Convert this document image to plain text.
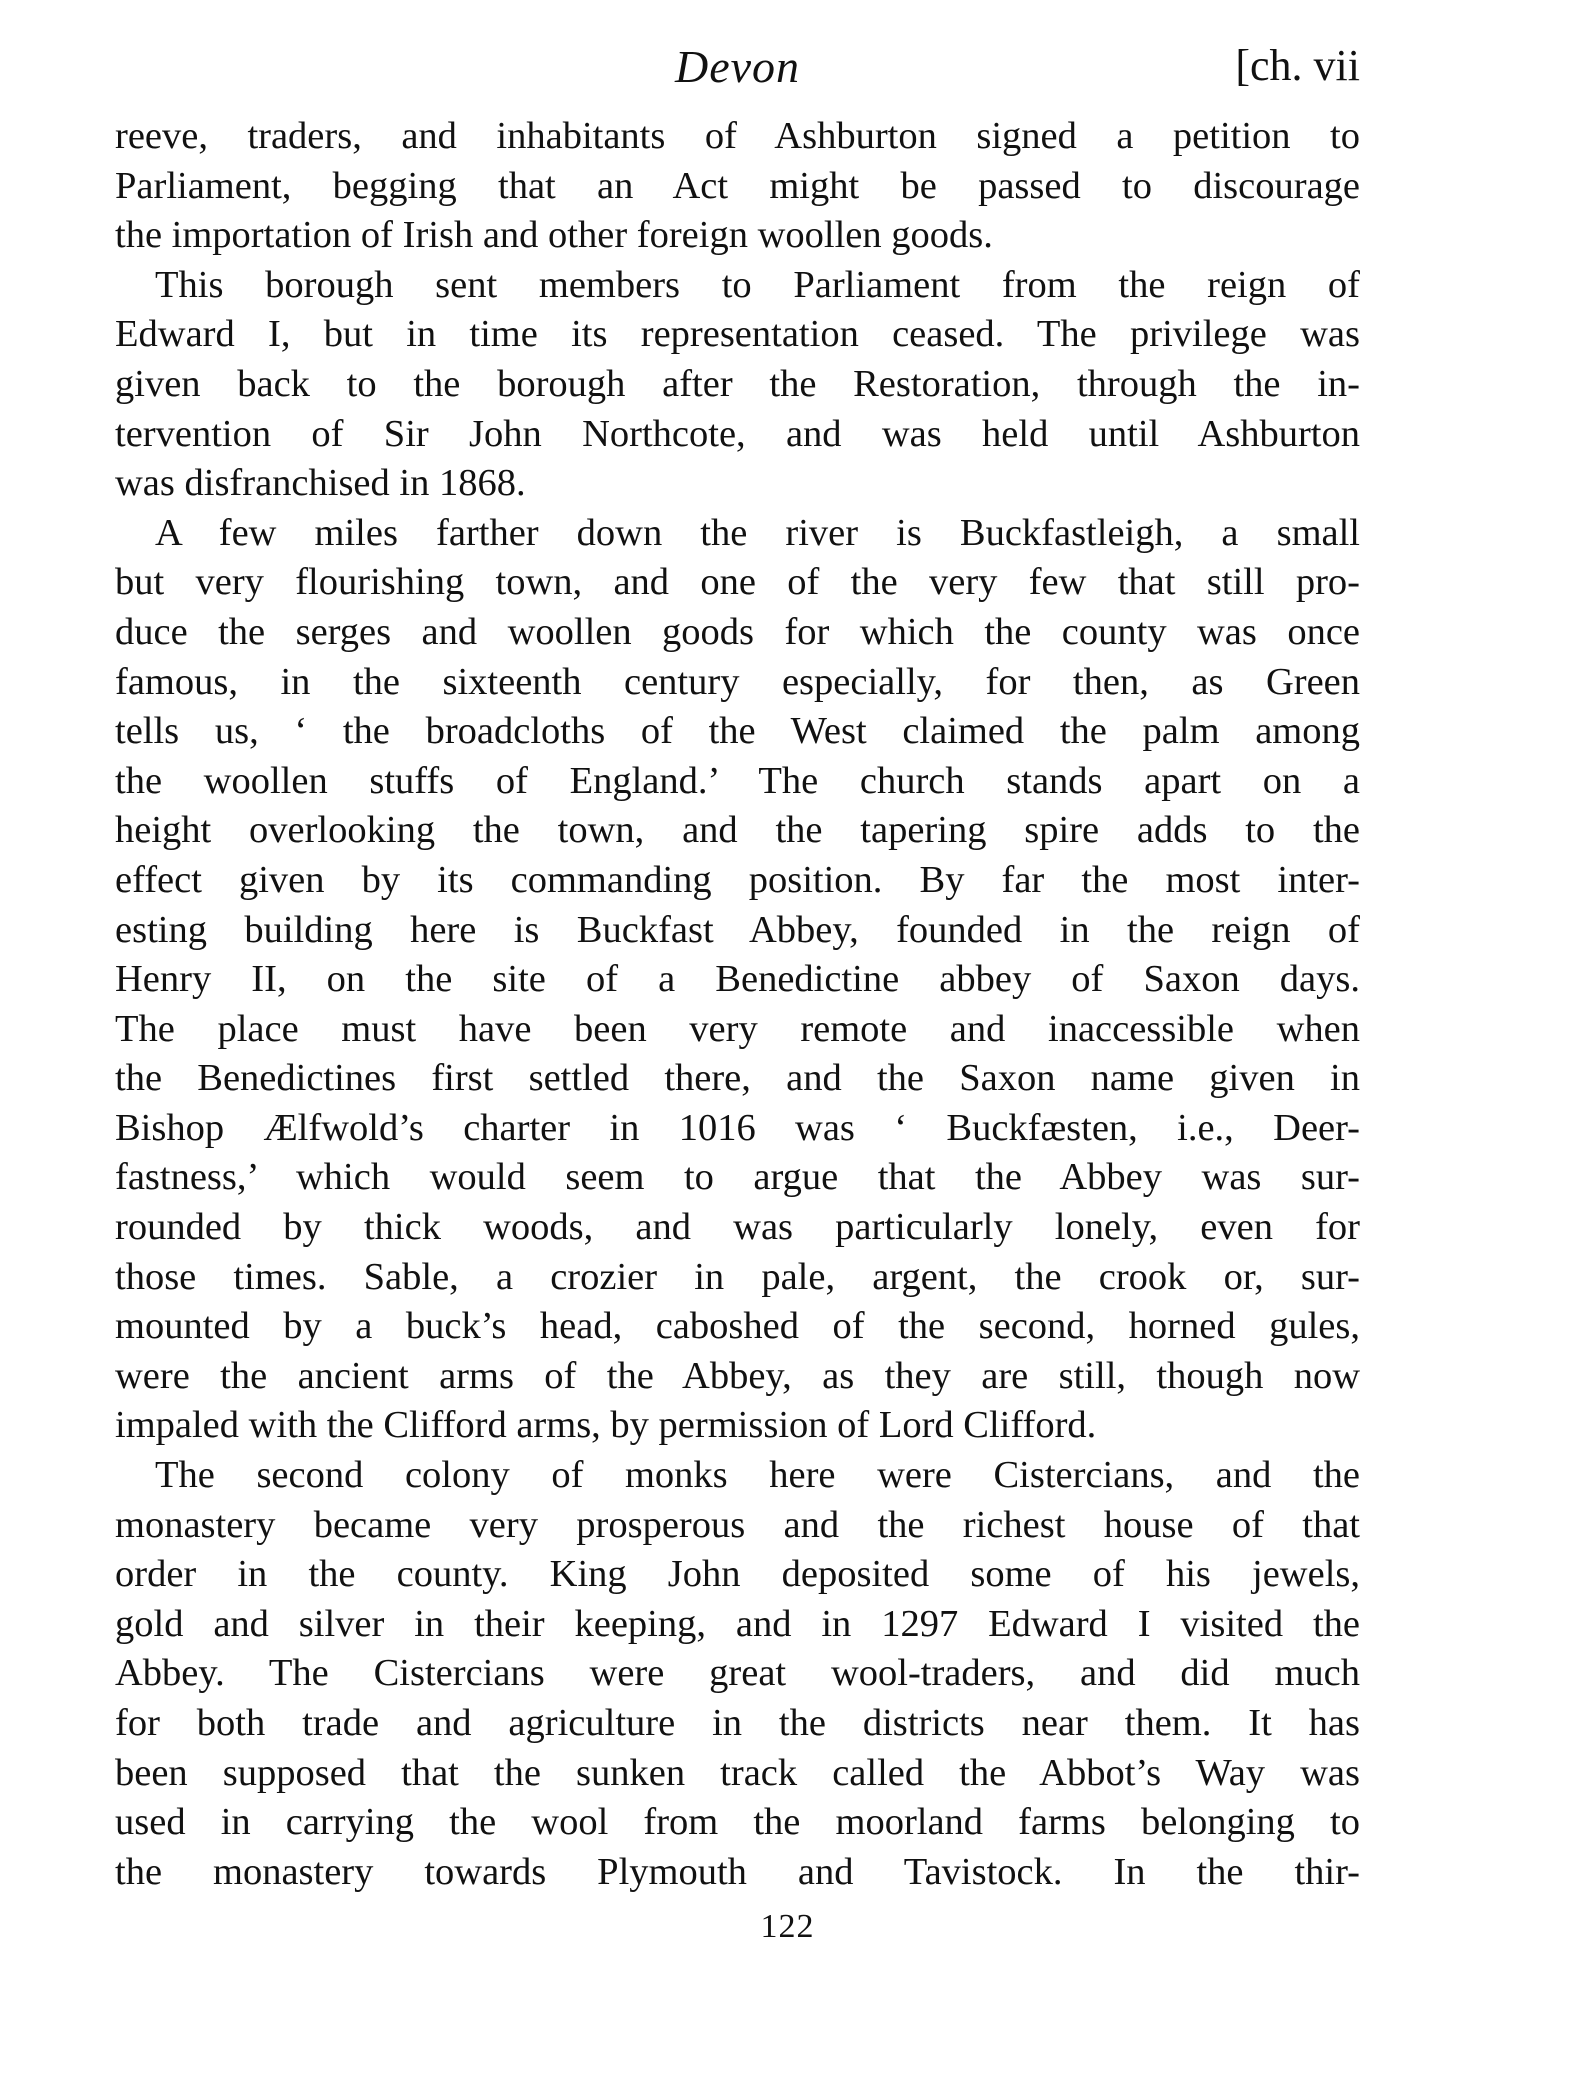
Devon	[ch. vii
reeve, traders, and inhabitants of Ashburton signed a petition to
Parliament, begging that an Act might be passed to discourage
the importation of Irish and other foreign woollen goods.
This borough sent members to Parliament from the reign of
Edward I, but in time its representation ceased. The privilege was
given back to the borough after the Restoration, through the in-
tervention of Sir John Northcote, and was held until Ashburton
was disfranchised in 1868.
A few miles farther down the river is Buckfastleigh, a small
but very flourishing town, and one of the very few that still pro-
duce the serges and woollen goods for which the county was once
famous, in the sixteenth century especially, for then, as Green
tells us, ‘ the broadcloths of the West claimed the palm among
the woollen stuffs of England.’ The church stands apart on a
height overlooking the town, and the tapering spire adds to the
effect given by its commanding position. By far the most inter-
esting building here is Buckfast Abbey, founded in the reign of
Henry II, on the site of a Benedictine abbey of Saxon days.
The place must have been very remote and inaccessible when
the Benedictines first settled there, and the Saxon name given in
Bishop Ælfwold’s charter in 1016 was ‘ Buckfæsten, i.e., Deer-
fastness,’ which would seem to argue that the Abbey was sur-
rounded by thick woods, and was particularly lonely, even for
those times. Sable, a crozier in pale, argent, the crook or, sur-
mounted by a buck’s head, caboshed of the second, horned gules,
were the ancient arms of the Abbey, as they are still, though now
impaled with the Clifford arms, by permission of Lord Clifford.
The second colony of monks here were Cistercians, and the
monastery became very prosperous and the richest house of that
order in the county. King John deposited some of his jewels,
gold and silver in their keeping, and in 1297 Edward I visited the
Abbey. The Cistercians were great wool-traders, and did much
for both trade and agriculture in the districts near them. It has
been supposed that the sunken track called the Abbot’s Way was
used in carrying the wool from the moorland farms belonging to
the monastery towards Plymouth and Tavistock. In the thir-
122
